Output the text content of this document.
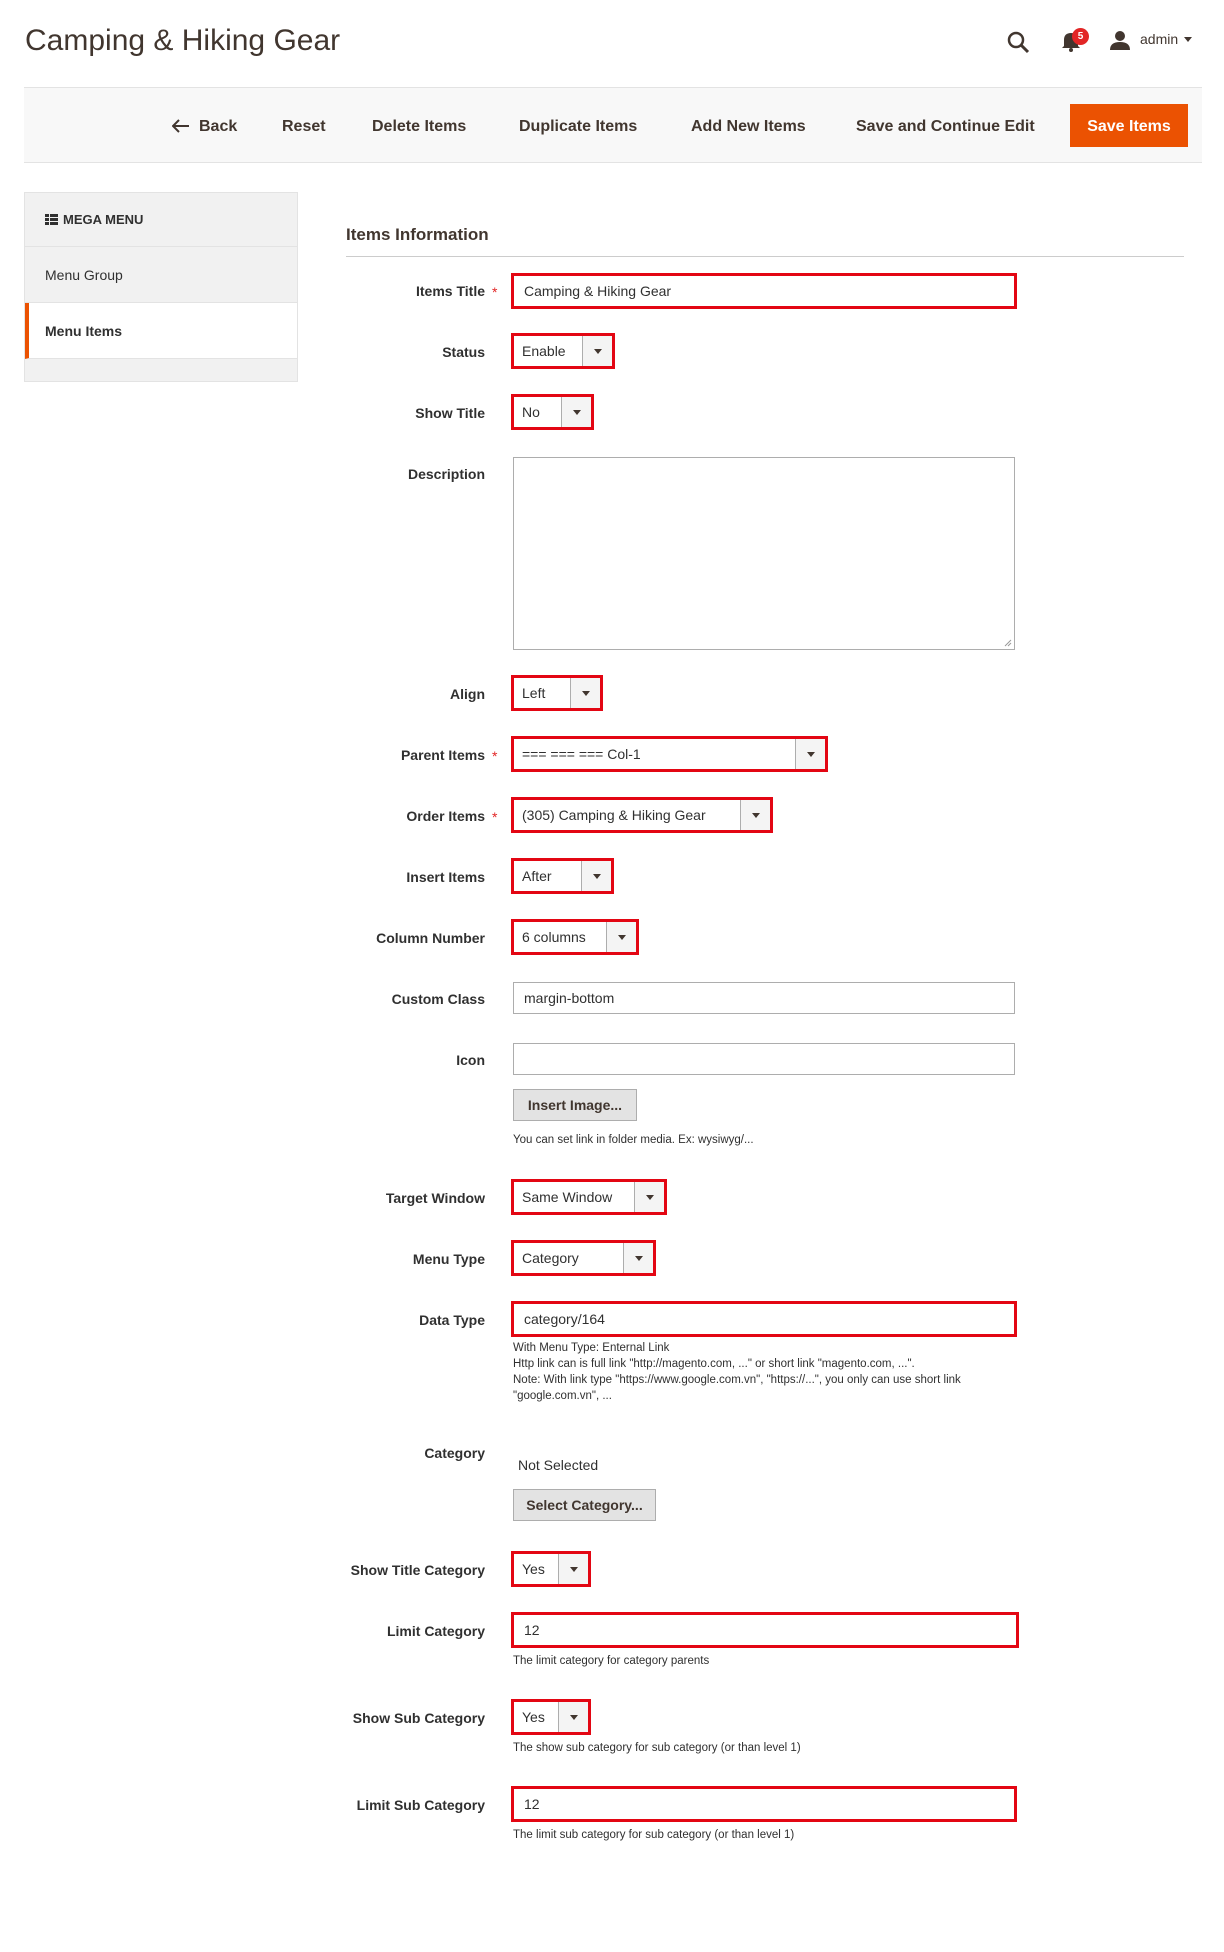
Camping & Hiking Gear	5	admin
Back	Reset	Delete Items	Duplicate Items	Add New Items	Save and Continue Edit	Save Items
MEGA MENU
Menu Group
Menu Items
Items Information
Items Title *	Camping & Hiking Gear
Status	Enable
Show Title	No
Description
Align	Left
Parent Items *	=== === === Col-1
Order Items *	(305) Camping & Hiking Gear
Insert Items	After
Column Number	6 columns
Custom Class	margin-bottom
Icon
Insert Image...
You can set link in folder media. Ex: wysiwyg/...
Target Window	Same Window
Menu Type	Category
Data Type	category/164
With Menu Type: Enternal Link
Http link can is full link "http://magento.com, ..." or short link "magento.com, ...".
Note: With link type "https://www.google.com.vn", "https://...", you only can use short link
"google.com.vn", ...
Category
Not Selected
Select Category...
Show Title Category	Yes
Limit Category	12
The limit category for category parents
Show Sub Category	Yes
The show sub category for sub category (or than level 1)
Limit Sub Category	12
The limit sub category for sub category (or than level 1)
